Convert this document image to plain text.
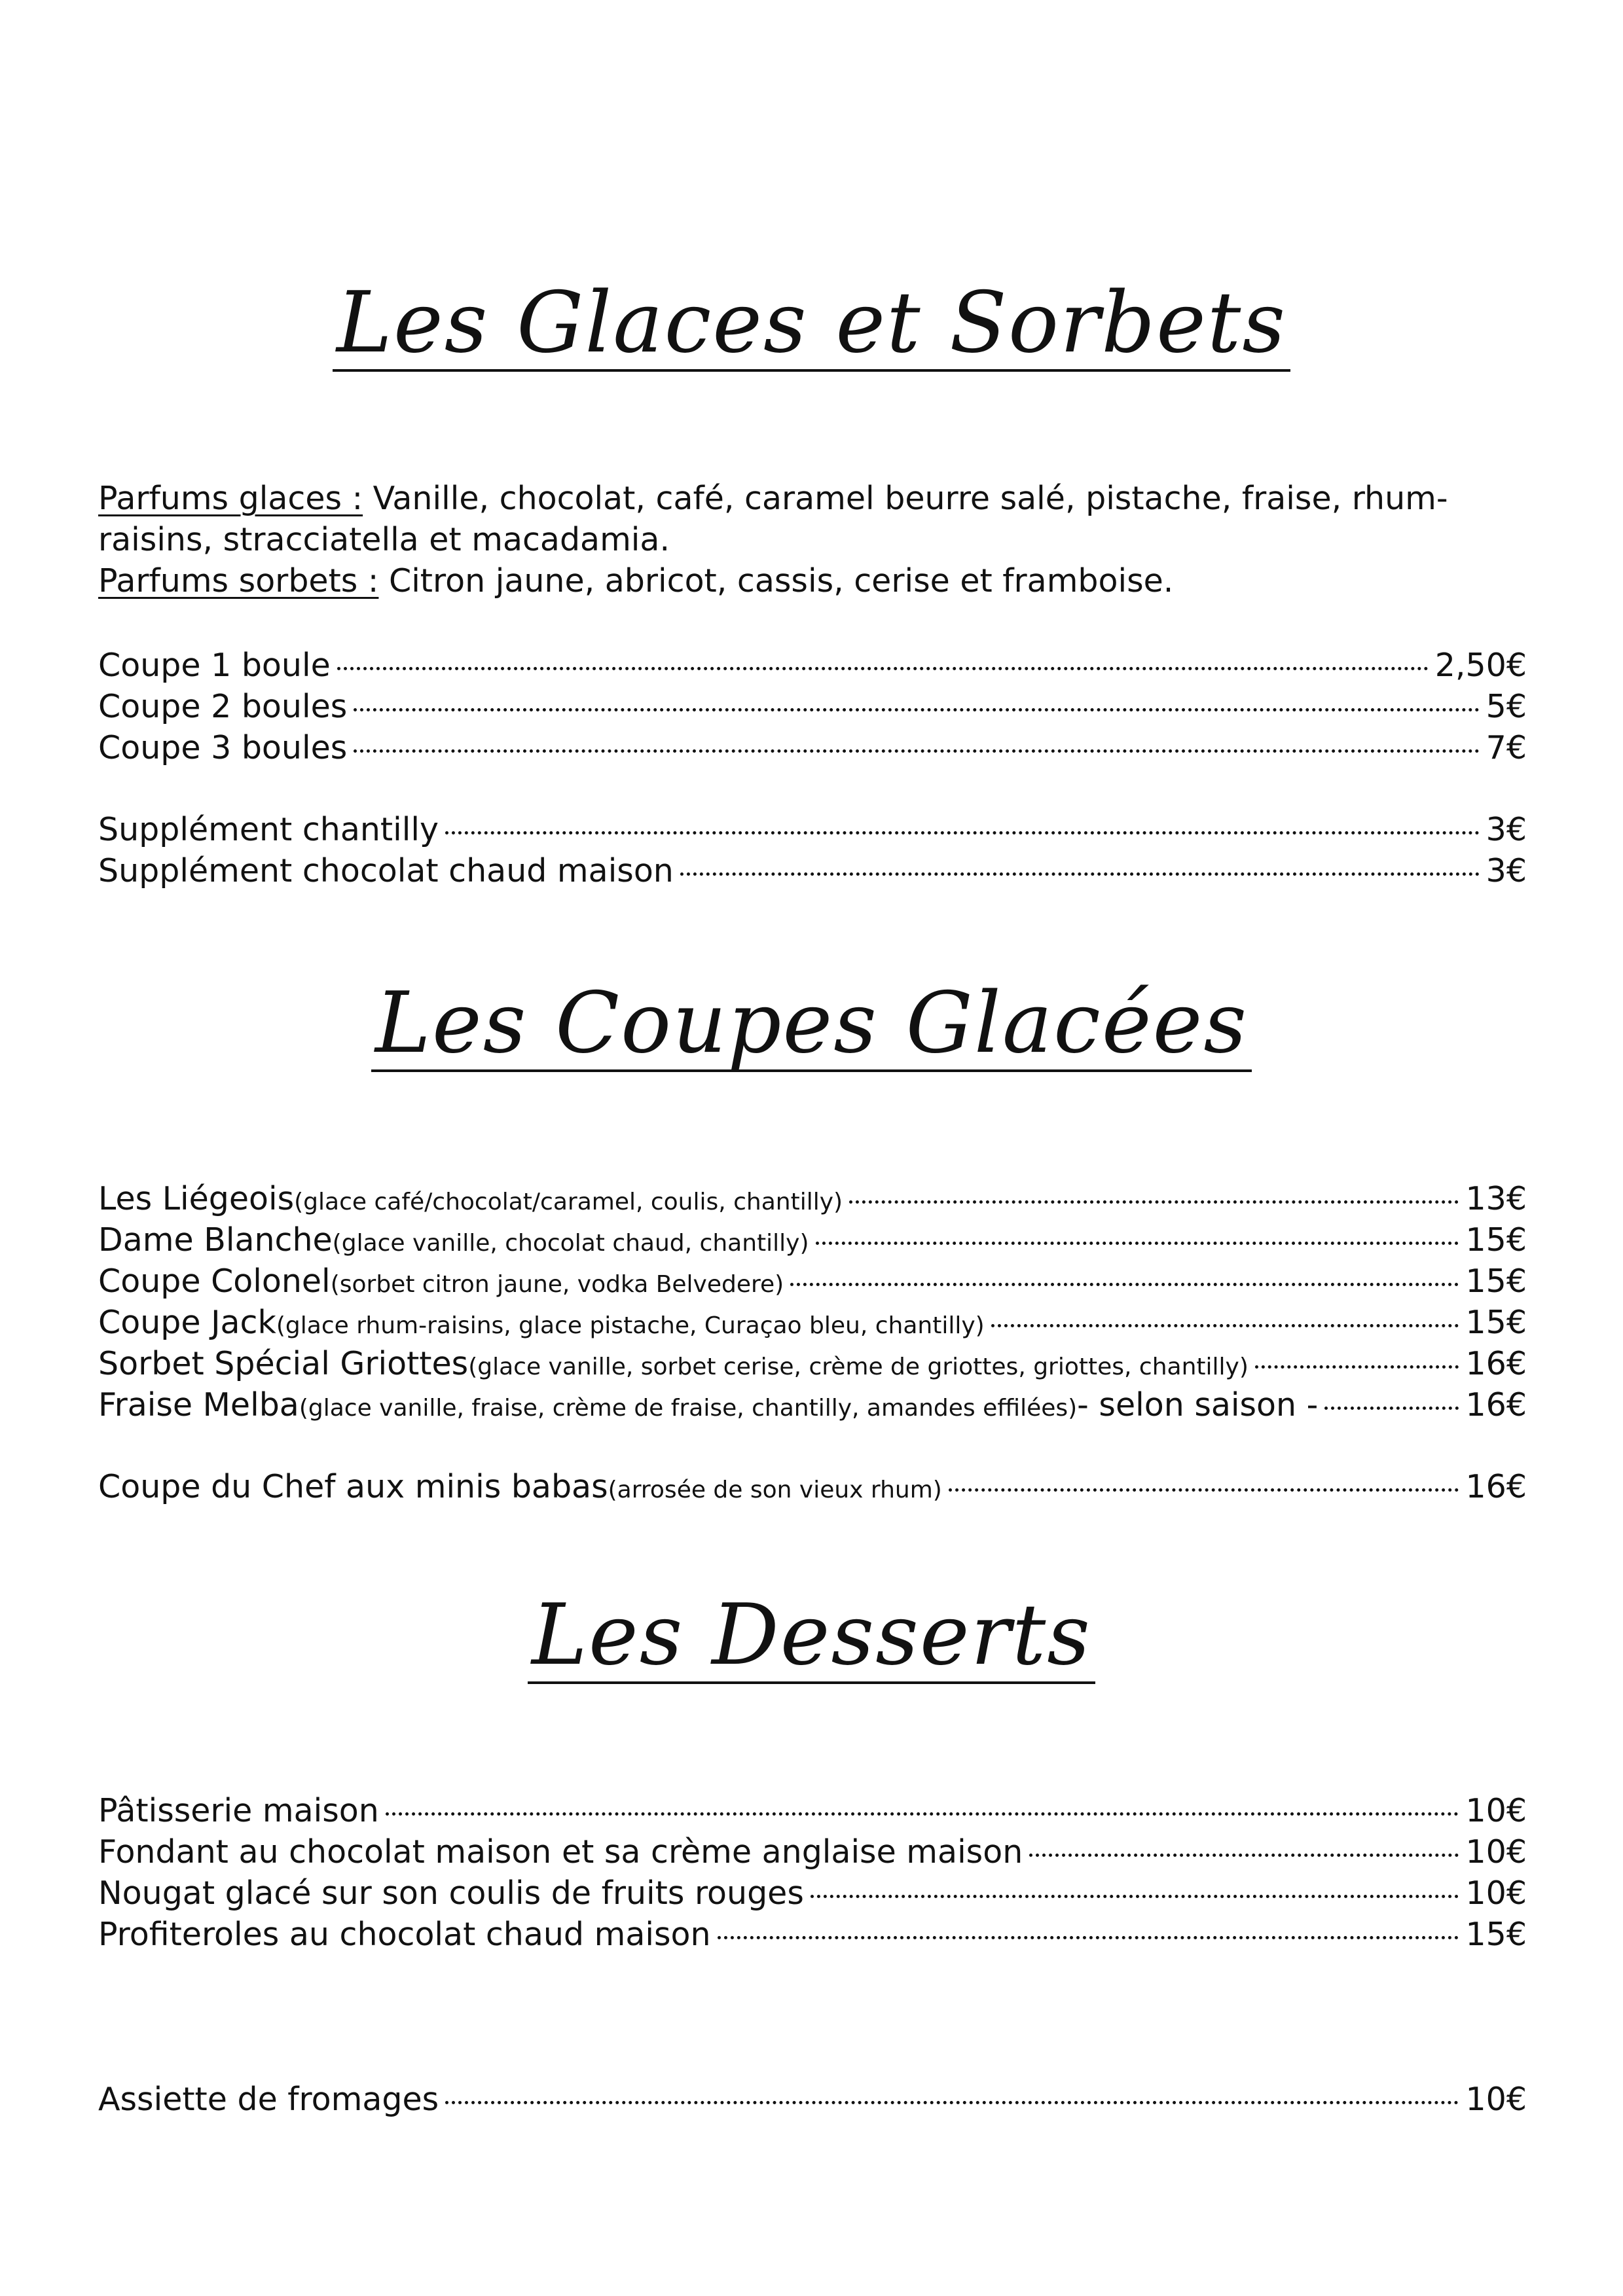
Les Glaces et Sorbets
Parfums glaces : Vanille, chocolat, café, caramel beurre salé, pistache, fraise, rhum-raisins, stracciatella et macadamia.
Parfums sorbets : Citron jaune, abricot, cassis, cerise et framboise.
Coupe 1 boule	2,50€
Coupe 2 boules	5€
Coupe 3 boules	7€
Supplément chantilly	3€
Supplément chocolat chaud maison	3€
Les Coupes Glacées
Les Liégeois (glace café/chocolat/caramel, coulis, chantilly)	13€
Dame Blanche (glace vanille, chocolat chaud, chantilly)	15€
Coupe Colonel (sorbet citron jaune, vodka Belvedere)	15€
Coupe Jack (glace rhum-raisins, glace pistache, Curaçao bleu, chantilly)	15€
Sorbet Spécial Griottes (glace vanille, sorbet cerise, crème de griottes, griottes, chantilly)	16€
Fraise Melba (glace vanille, fraise, crème de fraise, chantilly, amandes effilées) - selon saison -	16€
Coupe du Chef aux minis babas (arrosée de son vieux rhum)	16€
Les Desserts
Pâtisserie maison	10€
Fondant au chocolat maison et sa crème anglaise maison	10€
Nougat glacé sur son coulis de fruits rouges	10€
Profiteroles au chocolat chaud maison	15€
Assiette de fromages	10€
